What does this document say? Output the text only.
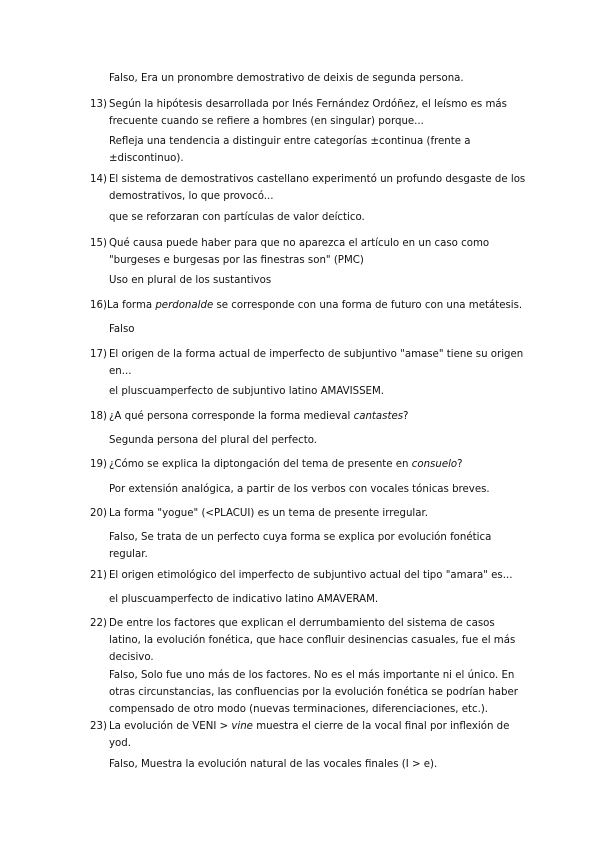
Falso, Era un pronombre demostrativo de deixis de segunda persona.
13) Según la hipótesis desarrollada por Inés Fernández Ordóñez, el leísmo es más frecuente cuando se refiere a hombres (en singular) porque...
Refleja una tendencia a distinguir entre categorías ±continua (frente a ±discontinuo).
14) El sistema de demostrativos castellano experimentó un profundo desgaste de los demostrativos, lo que provocó...
que se reforzaran con partículas de valor deíctico.
15) Qué causa puede haber para que no aparezca el artículo en un caso como "burgeses e burgesas por las finestras son" (PMC)
Uso en plural de los sustantivos
16)La forma perdonalde se corresponde con una forma de futuro con una metátesis.
Falso
17) El origen de la forma actual de imperfecto de subjuntivo "amase" tiene su origen en...
el pluscuamperfecto de subjuntivo latino AMAVISSEM.
18) ¿A qué persona corresponde la forma medieval cantastes?
Segunda persona del plural del perfecto.
19) ¿Cómo se explica la diptongación del tema de presente en consuelo?
Por extensión analógica, a partir de los verbos con vocales tónicas breves.
20) La forma "yogue" (<PLACUI) es un tema de presente irregular.
Falso, Se trata de un perfecto cuya forma se explica por evolución fonética regular.
21) El origen etimológico del imperfecto de subjuntivo actual del tipo "amara" es...
el pluscuamperfecto de indicativo latino AMAVERAM.
22) De entre los factores que explican el derrumbamiento del sistema de casos latino, la evolución fonética, que hace confluir desinencias casuales, fue el más decisivo.
Falso, Solo fue uno más de los factores. No es el más importante ni el único. En otras circunstancias, las confluencias por la evolución fonética se podrían haber compensado de otro modo (nuevas terminaciones, diferenciaciones, etc.).
23) La evolución de VENI > vine muestra el cierre de la vocal final por inflexión de yod.
Falso, Muestra la evolución natural de las vocales finales (I > e).
